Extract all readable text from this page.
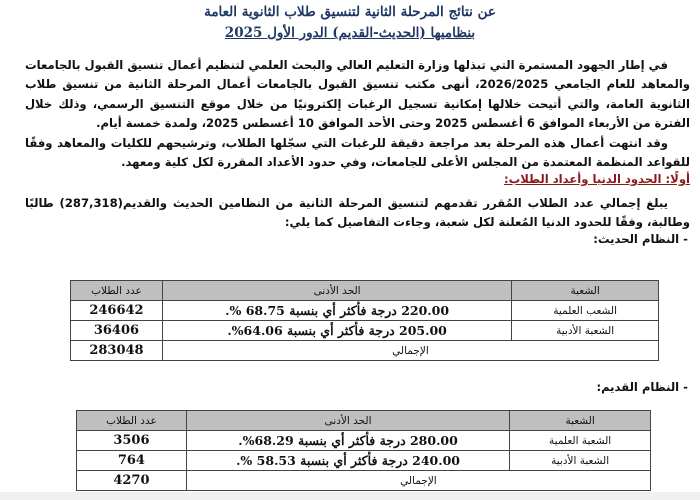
عن نتائج المرحلة الثانية لتنسيق طلاب الثانوية العامة
بنظاميها (الحديث-القديم) الدور الأول 2025
في إطار الجهود المستمرة التي تبذلها وزارة التعليم العالي والبحث العلمي لتنظيم أعمال تنسيق القبول بالجامعات والمعاهد للعام الجامعي 2026/2025، أنهى مكتب تنسيق القبول بالجامعات أعمال المرحلة الثانية من تنسيق طلاب الثانوية العامة، والتي أتيحت خلالها إمكانية تسجيل الرغبات إلكترونيًا من خلال موقع التنسيق الرسمي، وذلك خلال الفترة من الأربعاء الموافق 6 أغسطس 2025 وحتى الأحد الموافق 10 أغسطس 2025، ولمدة خمسة أيام.
وقد انتهت أعمال هذه المرحلة بعد مراجعة دقيقة للرغبات التي سجّلها الطلاب، وترشيحهم للكليات والمعاهد وفقًا للقواعد المنظمة المعتمدة من المجلس الأعلى للجامعات، وفي حدود الأعداد المقررة لكل كلية ومعهد.
أولًا: الحدود الدنيا وأعداد الطلاب:
يبلغ إجمالي عدد الطلاب المُقرر تقدمهم لتنسيق المرحلة الثانية من النظامين الحديث والقديم(287,318) طالبًا وطالبة، وفقًا للحدود الدنيا المُعلنة لكل شعبة، وجاءت التفاصيل كما يلي:
- النظام الحديث:
الشعبة	الحد الأدنى	عدد الطلاب
الشعب العلمية	220.00 درجة فأكثر أي بنسبة 68.75 %.	246642
الشعبة الأدبية	205.00 درجة فأكثر أي بنسبة 64.06%.	36406
الإجمالي		283048
- النظام القديم:
الشعبة	الحد الأدنى	عدد الطلاب
الشعبة العلمية	280.00 درجة فأكثر أي بنسبة 68.29%.	3506
الشعبة الأدبية	240.00 درجة فأكثر أي بنسبة 58.53 %.	764
الإجمالي		4270
